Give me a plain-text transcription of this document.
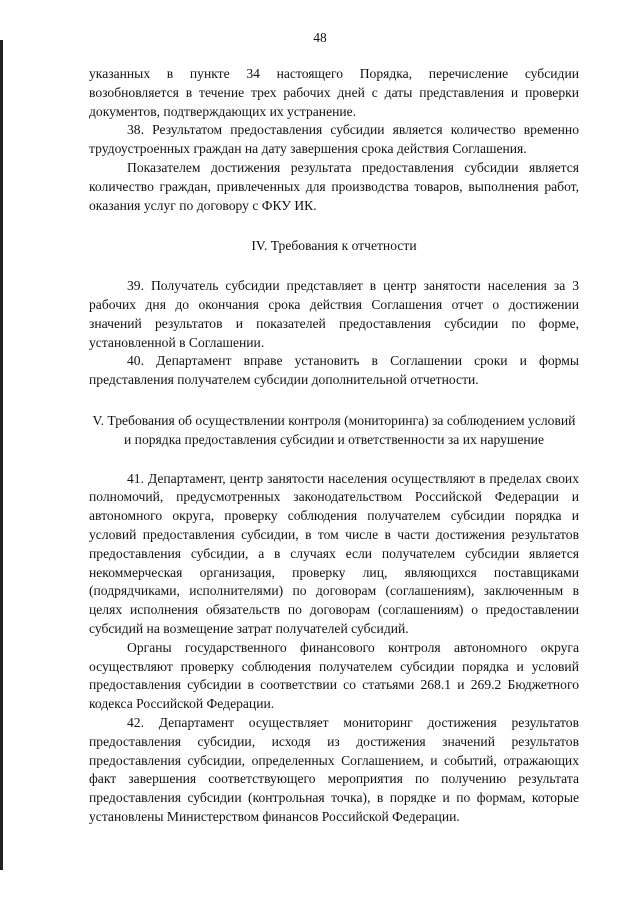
48

указанных в пункте 34 настоящего Порядка, перечисление субсидии возобновляется в течение трех рабочих дней с даты представления и проверки документов, подтверждающих их устранение.

38. Результатом предоставления субсидии является количество временно трудоустроенных граждан на дату завершения срока действия Соглашения.

Показателем достижения результата предоставления субсидии является количество граждан, привлеченных для производства товаров, выполнения работ, оказания услуг по договору с ФКУ ИК.

IV. Требования к отчетности

39. Получатель субсидии представляет в центр занятости населения за 3 рабочих дня до окончания срока действия Соглашения отчет о достижении значений результатов и показателей предоставления субсидии по форме, установленной в Соглашении.

40. Департамент вправе установить в Соглашении сроки и формы представления получателем субсидии дополнительной отчетности.

V. Требования об осуществлении контроля (мониторинга) за соблюдением условий и порядка предоставления субсидии и ответственности за их нарушение

41. Департамент, центр занятости населения осуществляют в пределах своих полномочий, предусмотренных законодательством Российской Федерации и автономного округа, проверку соблюдения получателем субсидии порядка и условий предоставления субсидии, в том числе в части достижения результатов предоставления субсидии, а в случаях если получателем субсидии является некоммерческая организация, проверку лиц, являющихся поставщиками (подрядчиками, исполнителями) по договорам (соглашениям), заключенным в целях исполнения обязательств по договорам (соглашениям) о предоставлении субсидий на возмещение затрат получателей субсидий.

Органы государственного финансового контроля автономного округа осуществляют проверку соблюдения получателем субсидии порядка и условий предоставления субсидии в соответствии со статьями 268.1 и 269.2 Бюджетного кодекса Российской Федерации.

42. Департамент осуществляет мониторинг достижения результатов предоставления субсидии, исходя из достижения значений результатов предоставления субсидии, определенных Соглашением, и событий, отражающих факт завершения соответствующего мероприятия по получению результата предоставления субсидии (контрольная точка), в порядке и по формам, которые установлены Министерством финансов Российской Федерации.
